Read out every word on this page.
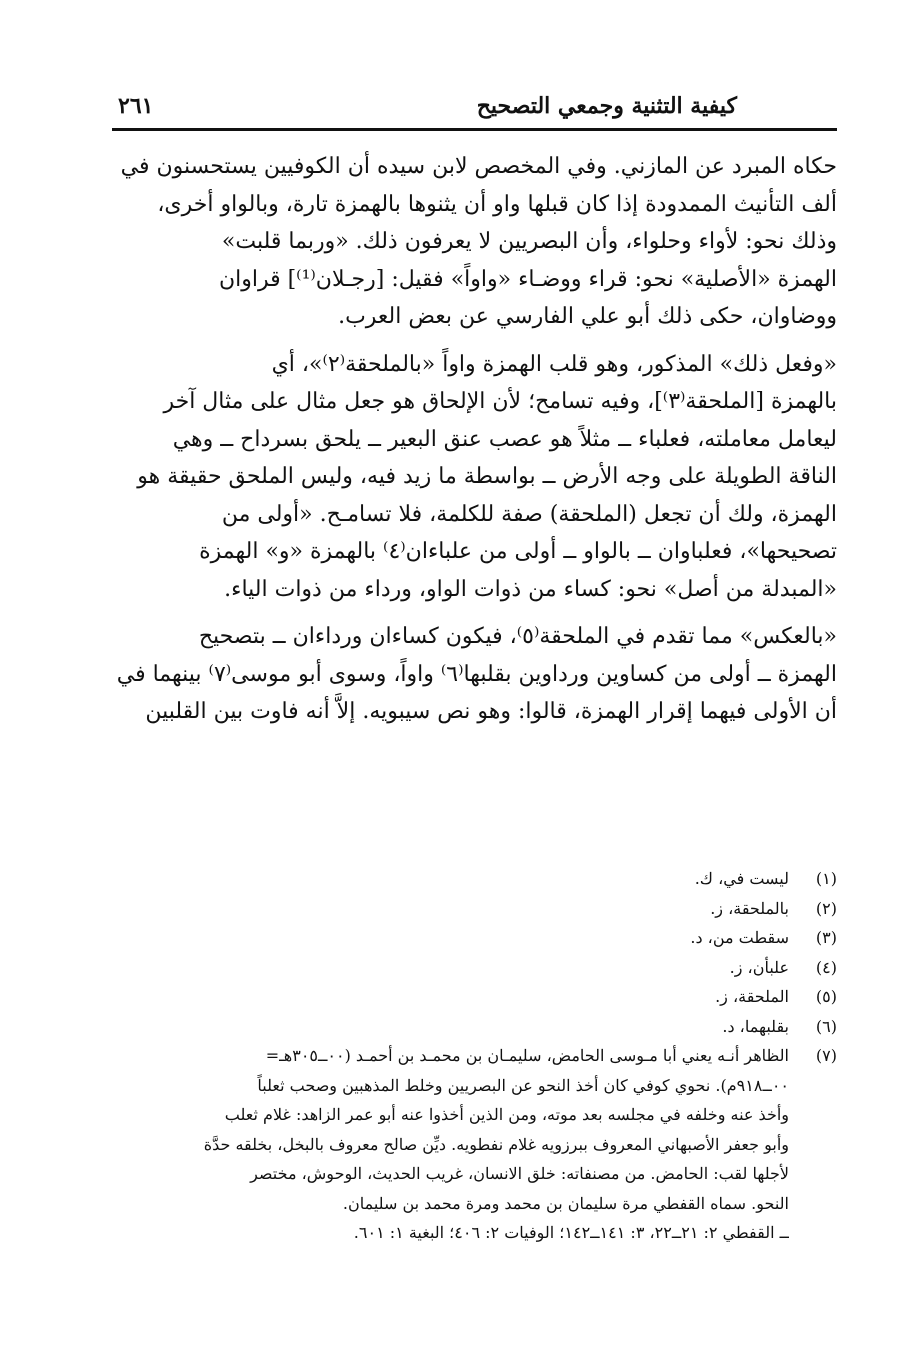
كيفية التثنية وجمعي التصحيح
٢٦١
حكاه المبرد عن المازني. وفي المخصص لابن سيده أن الكوفيين يستحسنون في
ألف التأنيث الممدودة إذا كان قبلها واو أن يثنوها بالهمزة تارة، وبالواو أخرى،
وذلك نحو: لأواء وحلواء، وأن البصريين لا يعرفون ذلك. «وربما قلبت»
الهمزة «الأصلية» نحو: قراء ووضـاء «واواً» فقيل: [رجـلان⁽¹⁾] قراوان
ووضاوان، حكى ذلك أبو علي الفارسي عن بعض العرب.
«وفعل ذلك» المذكور، وهو قلب الهمزة واواً «بالملحقة⁽٢⁾»، أي
بالهمزة [الملحقة⁽٣⁾]، وفيه تسامح؛ لأن الإلحاق هو جعل مثال على مثال آخر
ليعامل معاملته، فعلباء ــ مثلاً هو عصب عنق البعير ــ يلحق بسرداح ــ وهي
الناقة الطويلة على وجه الأرض ــ بواسطة ما زيد فيه، وليس الملحق حقيقة هو
الهمزة، ولك أن تجعل (الملحقة) صفة للكلمة، فلا تسامـح. «أولى من
تصحيحها»، فعلباوان ــ بالواو ــ أولى من علباءان⁽٤⁾ بالهمزة «و» الهمزة
«المبدلة من أصل» نحو: كساء من ذوات الواو، ورداء من ذوات الياء.
«بالعكس» مما تقدم في الملحقة⁽٥⁾، فيكون كساءان ورداءان ــ بتصحيح
الهمزة ــ أولى من كساوين ورداوين بقلبها⁽٦⁾ واواً، وسوى أبو موسى⁽٧⁾ بينهما في
أن الأولى فيهما إقرار الهمزة، قالوا: وهو نص سيبويه. إلاَّ أنه فاوت بين القلبين
(١)
ليست في، ك.
(٢)
بالملحقة، ز.
(٣)
سقطت من، د.
(٤)
علبأن، ز.
(٥)
الملحقة، ز.
(٦)
بقلبهما، د.
(٧)
الظاهر أنـه يعني أبا مـوسى الحامض، سليمـان بن محمـد بن أحمـد (٠٠ــ٣٠٥هـ=
٠٠ــ٩١٨م). نحوي كوفي كان أخذ النحو عن البصريين وخلط المذهبين وصحب ثعلباً
وأخذ عنه وخلفه في مجلسه بعد موته، ومن الذين أخذوا عنه أبو عمر الزاهد: غلام ثعلب
وأبو جعفر الأصبهاني المعروف ببرزويه غلام نفطويه. ديِّن صالح معروف بالبخل، بخلقه حدَّة
لأجلها لقب: الحامض. من مصنفاته: خلق الانسان، غريب الحديث، الوحوش، مختصر
النحو. سماه القفطي مرة سليمان بن محمد ومرة محمد بن سليمان.
ــ القفطي ٢: ٢١ــ٢٢، ٣: ١٤١ــ١٤٢؛ الوفيات ٢: ٤٠٦؛ البغية ١: ٦٠١.
